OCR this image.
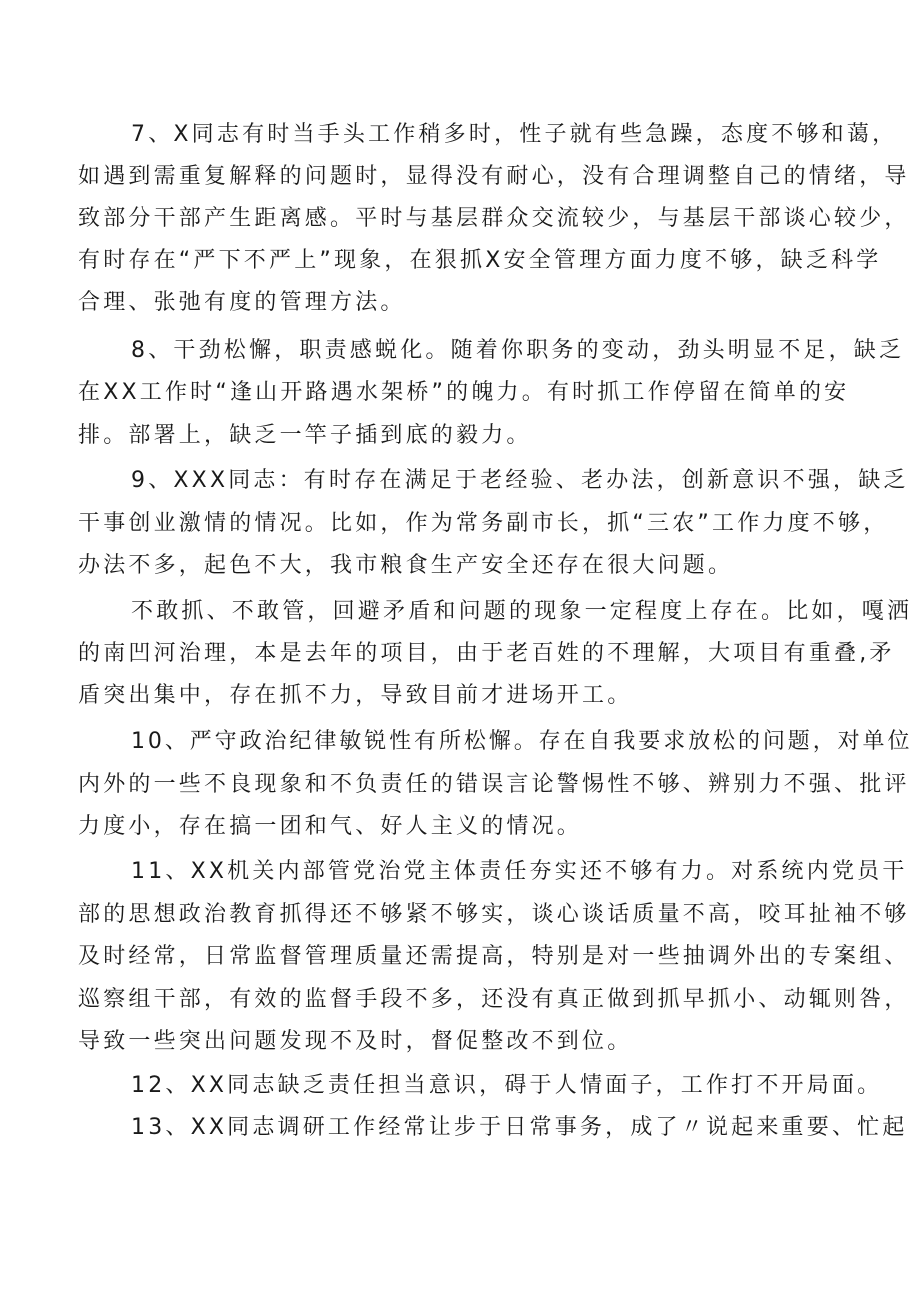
7、X同志有时当手头工作稍多时，性子就有些急躁，态度不够和蔼，
如遇到需重复解释的问题时，显得没有耐心，没有合理调整自己的情绪，导
致部分干部产生距离感。平时与基层群众交流较少，与基层干部谈心较少，
有时存在“严下不严上”现象，在狠抓X安全管理方面力度不够，缺乏科学
合理、张弛有度的管理方法。
8、干劲松懈，职责感蜕化。随着你职务的变动，劲头明显不足，缺乏
在XX工作时“逢山开路遇水架桥”的魄力。有时抓工作停留在简单的安
排。部署上，缺乏一竿子插到底的毅力。
9、XXX同志：有时存在满足于老经验、老办法，创新意识不强，缺乏
干事创业激情的情况。比如，作为常务副市长，抓“三农”工作力度不够，
办法不多，起色不大，我市粮食生产安全还存在很大问题。
不敢抓、不敢管，回避矛盾和问题的现象一定程度上存在。比如，嘎洒
的南凹河治理，本是去年的项目，由于老百姓的不理解，大项目有重叠,矛
盾突出集中，存在抓不力，导致目前才进场开工。
10、严守政治纪律敏锐性有所松懈。存在自我要求放松的问题，对单位
内外的一些不良现象和不负责任的错误言论警惕性不够、辨别力不强、批评
力度小，存在搞一团和气、好人主义的情况。
11、XX机关内部管党治党主体责任夯实还不够有力。对系统内党员干
部的思想政治教育抓得还不够紧不够实，谈心谈话质量不高，咬耳扯袖不够
及时经常，日常监督管理质量还需提高，特别是对一些抽调外出的专案组、
巡察组干部，有效的监督手段不多，还没有真正做到抓早抓小、动辄则咎，
导致一些突出问题发现不及时，督促整改不到位。
12、XX同志缺乏责任担当意识，碍于人情面子，工作打不开局面。
13、XX同志调研工作经常让步于日常事务，成了〃说起来重要、忙起
